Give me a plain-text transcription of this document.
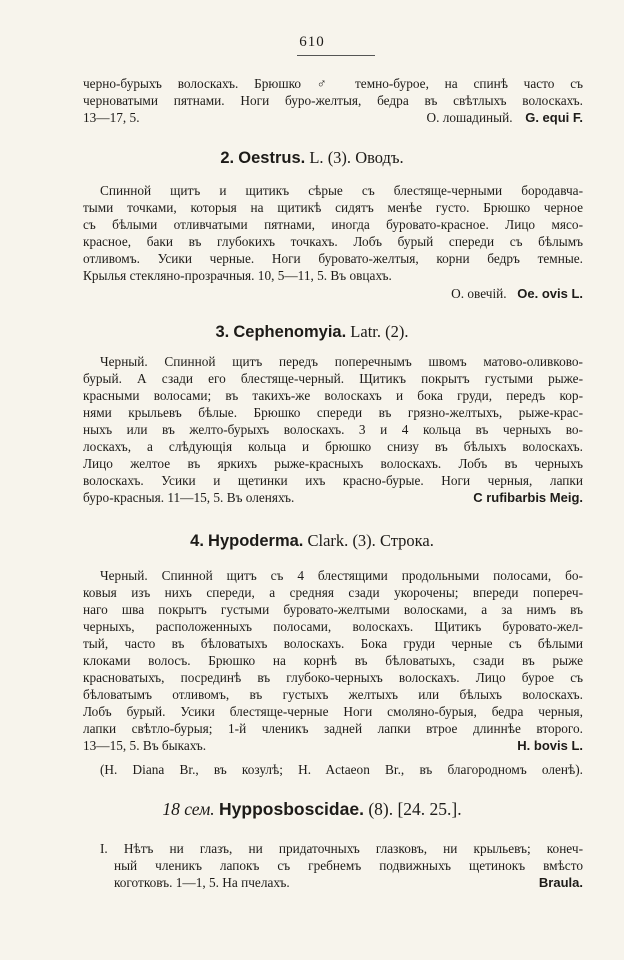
610
черно-бурыхъ волоскахъ. Брюшко ♂ темно-бурое, на спинѣ часто съ
черноватыми пятнами. Ноги буро-желтыя, бедра въ свѣтлыхъ волоскахъ.
13—17, 5.	О. лошадиный. G. equi F.
2. Oestrus. L. (3). Оводъ.
Спинной щитъ и щитикъ сѣрые съ блестяще-черными бородавча-
тыми точками, которыя на щитикѣ сидятъ менѣе густо. Брюшко черное
съ бѣлыми отливчатыми пятнами, иногда буровато-красное. Лицо мясо-
красное, баки въ глубокихъ точкахъ. Лобъ бурый спереди съ бѣлымъ
отливомъ. Усики черные. Ноги буровато-желтыя, корни бедръ темные.
Крылья стекляно-прозрачныя. 10, 5—11, 5. Въ овцахъ.
О. овечій. Oe. ovis L.
3. Cephenomyia. Latr. (2).
Черный. Спинной щитъ передъ поперечнымъ швомъ матово-оливково-
бурый. А сзади его блестяще-черный. Щитикъ покрытъ густыми рыже-
красными волосами; въ такихъ-же волоскахъ и бока груди, передъ кор-
нями крыльевъ бѣлые. Брюшко спереди въ грязно-желтыхъ, рыже-крас-
ныхъ или въ желто-бурыхъ волоскахъ. 3 и 4 кольца въ черныхъ во-
лоскахъ, а слѣдующія кольца и брюшко снизу въ бѣлыхъ волоскахъ.
Лицо желтое въ яркихъ рыже-красныхъ волоскахъ. Лобъ въ черныхъ
волоскахъ. Усики и щетинки ихъ красно-бурые. Ноги черныя, лапки
буро-красныя. 11—15, 5. Въ оленяхъ.	C rufibarbis Meig.
4. Hypoderma. Clark. (3). Строка.
Черный. Спинной щитъ съ 4 блестящими продольными полосами, бо-
ковыя изъ нихъ спереди, а средняя сзади укорочены; впереди попереч-
наго шва покрытъ густыми буровато-желтыми волосками, а за нимъ въ
черныхъ, расположенныхъ полосами, волоскахъ. Щитикъ буровато-жел-
тый, часто въ бѣловатыхъ волоскахъ. Бока груди черные съ бѣлыми
клоками волосъ. Брюшко на корнѣ въ бѣловатыхъ, сзади въ рыже
красноватыхъ, посрединѣ въ глубоко-черныхъ волоскахъ. Лицо бурое съ
бѣловатымъ отливомъ, въ густыхъ желтыхъ или бѣлыхъ волоскахъ.
Лобъ бурый. Усики блестяще-черные Ноги смоляно-бурыя, бедра черныя,
лапки свѣтло-бурыя; 1-й членикъ задней лапки втрое длиннѣе второго.
13—15, 5. Въ быкахъ.	H. bovis L.
(H. Diana Br., въ козулѣ; H. Actaeon Br., въ благородномъ оленѣ).
18 сем. Hypposboscidae. (8). [24. 25.].
I. Нѣтъ ни глазъ, ни придаточныхъ глазковъ, ни крыльевъ; конеч-
ный членикъ лапокъ съ гребнемъ подвижныхъ щетинокъ вмѣсто
коготковъ. 1—1, 5. На пчелахъ.	Braula.
